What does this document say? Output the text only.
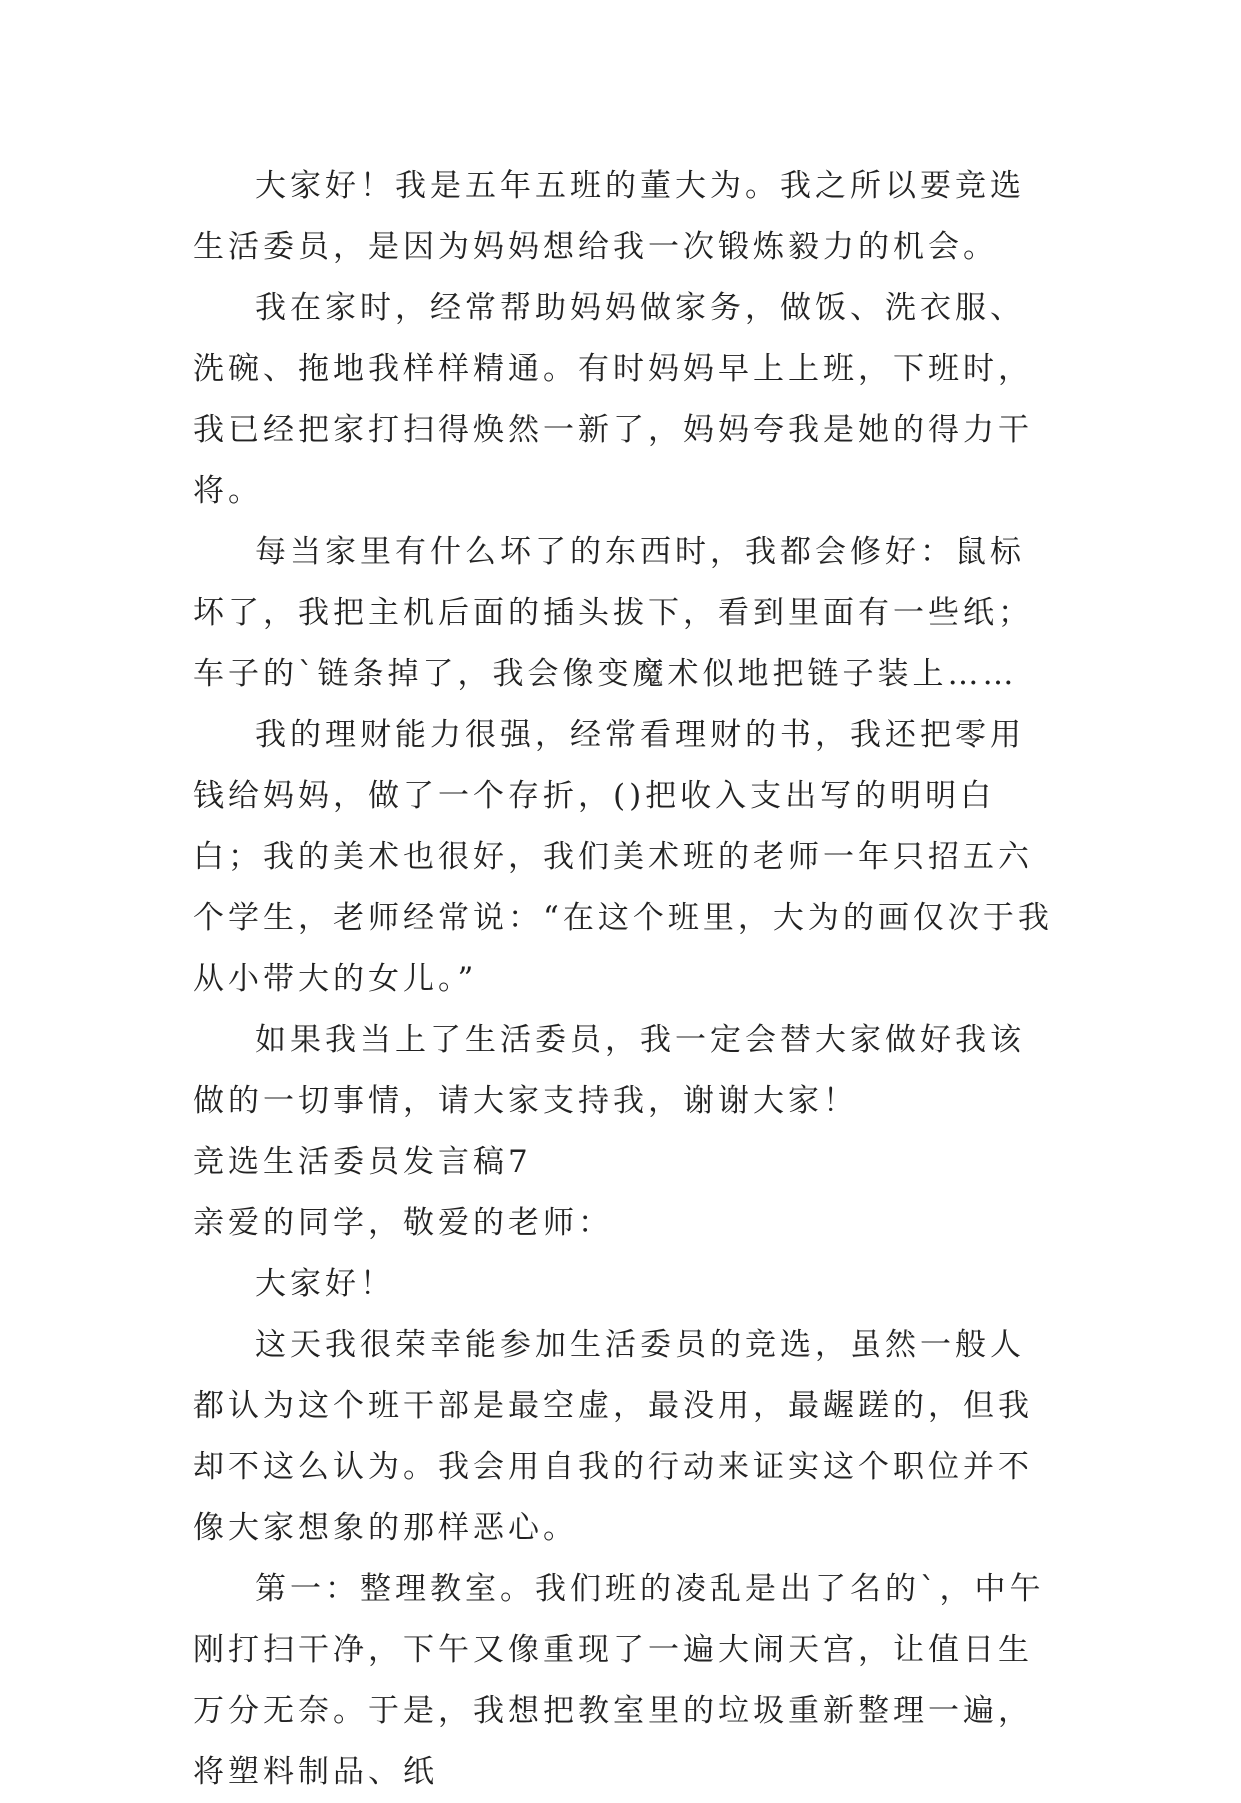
大家好！我是五年五班的董大为。我之所以要竞选生活委员，是因为妈妈想给我一次锻炼毅力的机会。

我在家时，经常帮助妈妈做家务，做饭、洗衣服、洗碗、拖地我样样精通。有时妈妈早上上班，下班时，我已经把家打扫得焕然一新了，妈妈夸我是她的得力干将。

每当家里有什么坏了的东西时，我都会修好：鼠标坏了，我把主机后面的插头拔下，看到里面有一些纸；车子的`链条掉了，我会像变魔术似地把链子装上……

我的理财能力很强，经常看理财的书，我还把零用钱给妈妈，做了一个存折，()把收入支出写的明明白白；我的美术也很好，我们美术班的老师一年只招五六个学生，老师经常说：“在这个班里，大为的画仅次于我从小带大的女儿。”

如果我当上了生活委员，我一定会替大家做好我该做的一切事情，请大家支持我，谢谢大家！

竞选生活委员发言稿7

亲爱的同学，敬爱的老师：

大家好！

这天我很荣幸能参加生活委员的竞选，虽然一般人都认为这个班干部是最空虚，最没用，最龌蹉的，但我却不这么认为。我会用自我的行动来证实这个职位并不像大家想象的那样恶心。

第一：整理教室。我们班的凌乱是出了名的`，中午刚打扫干净，下午又像重现了一遍大闹天宫，让值日生万分无奈。于是，我想把教室里的垃圾重新整理一遍，将塑料制品、纸
